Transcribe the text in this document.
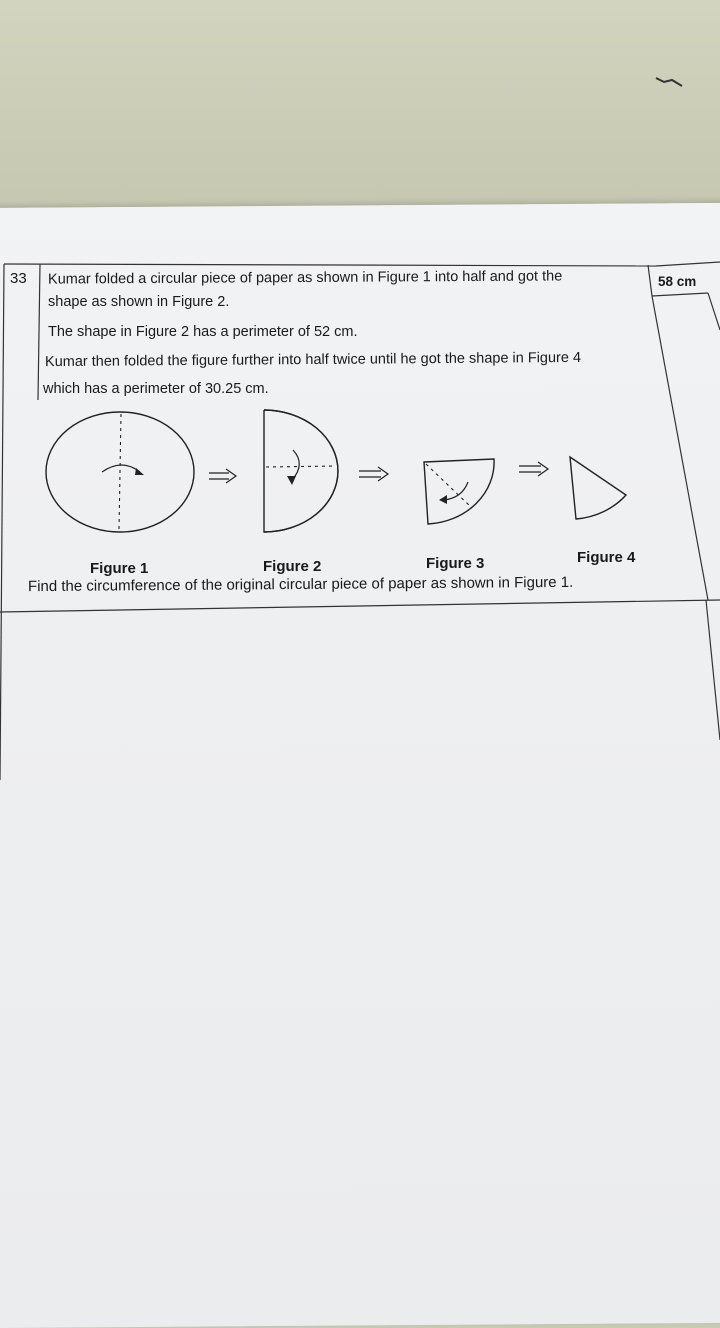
33	58 cm
Kumar folded a circular piece of paper as shown in Figure 1 into half and got the
shape as shown in Figure 2.
The shape in Figure 2 has a perimeter of 52 cm.
Kumar then folded the figure further into half twice until he got the shape in Figure 4
which has a perimeter of 30.25 cm.
Figure 1	Figure 2	Figure 3	Figure 4
Find the circumference of the original circular piece of paper as shown in Figure 1.
